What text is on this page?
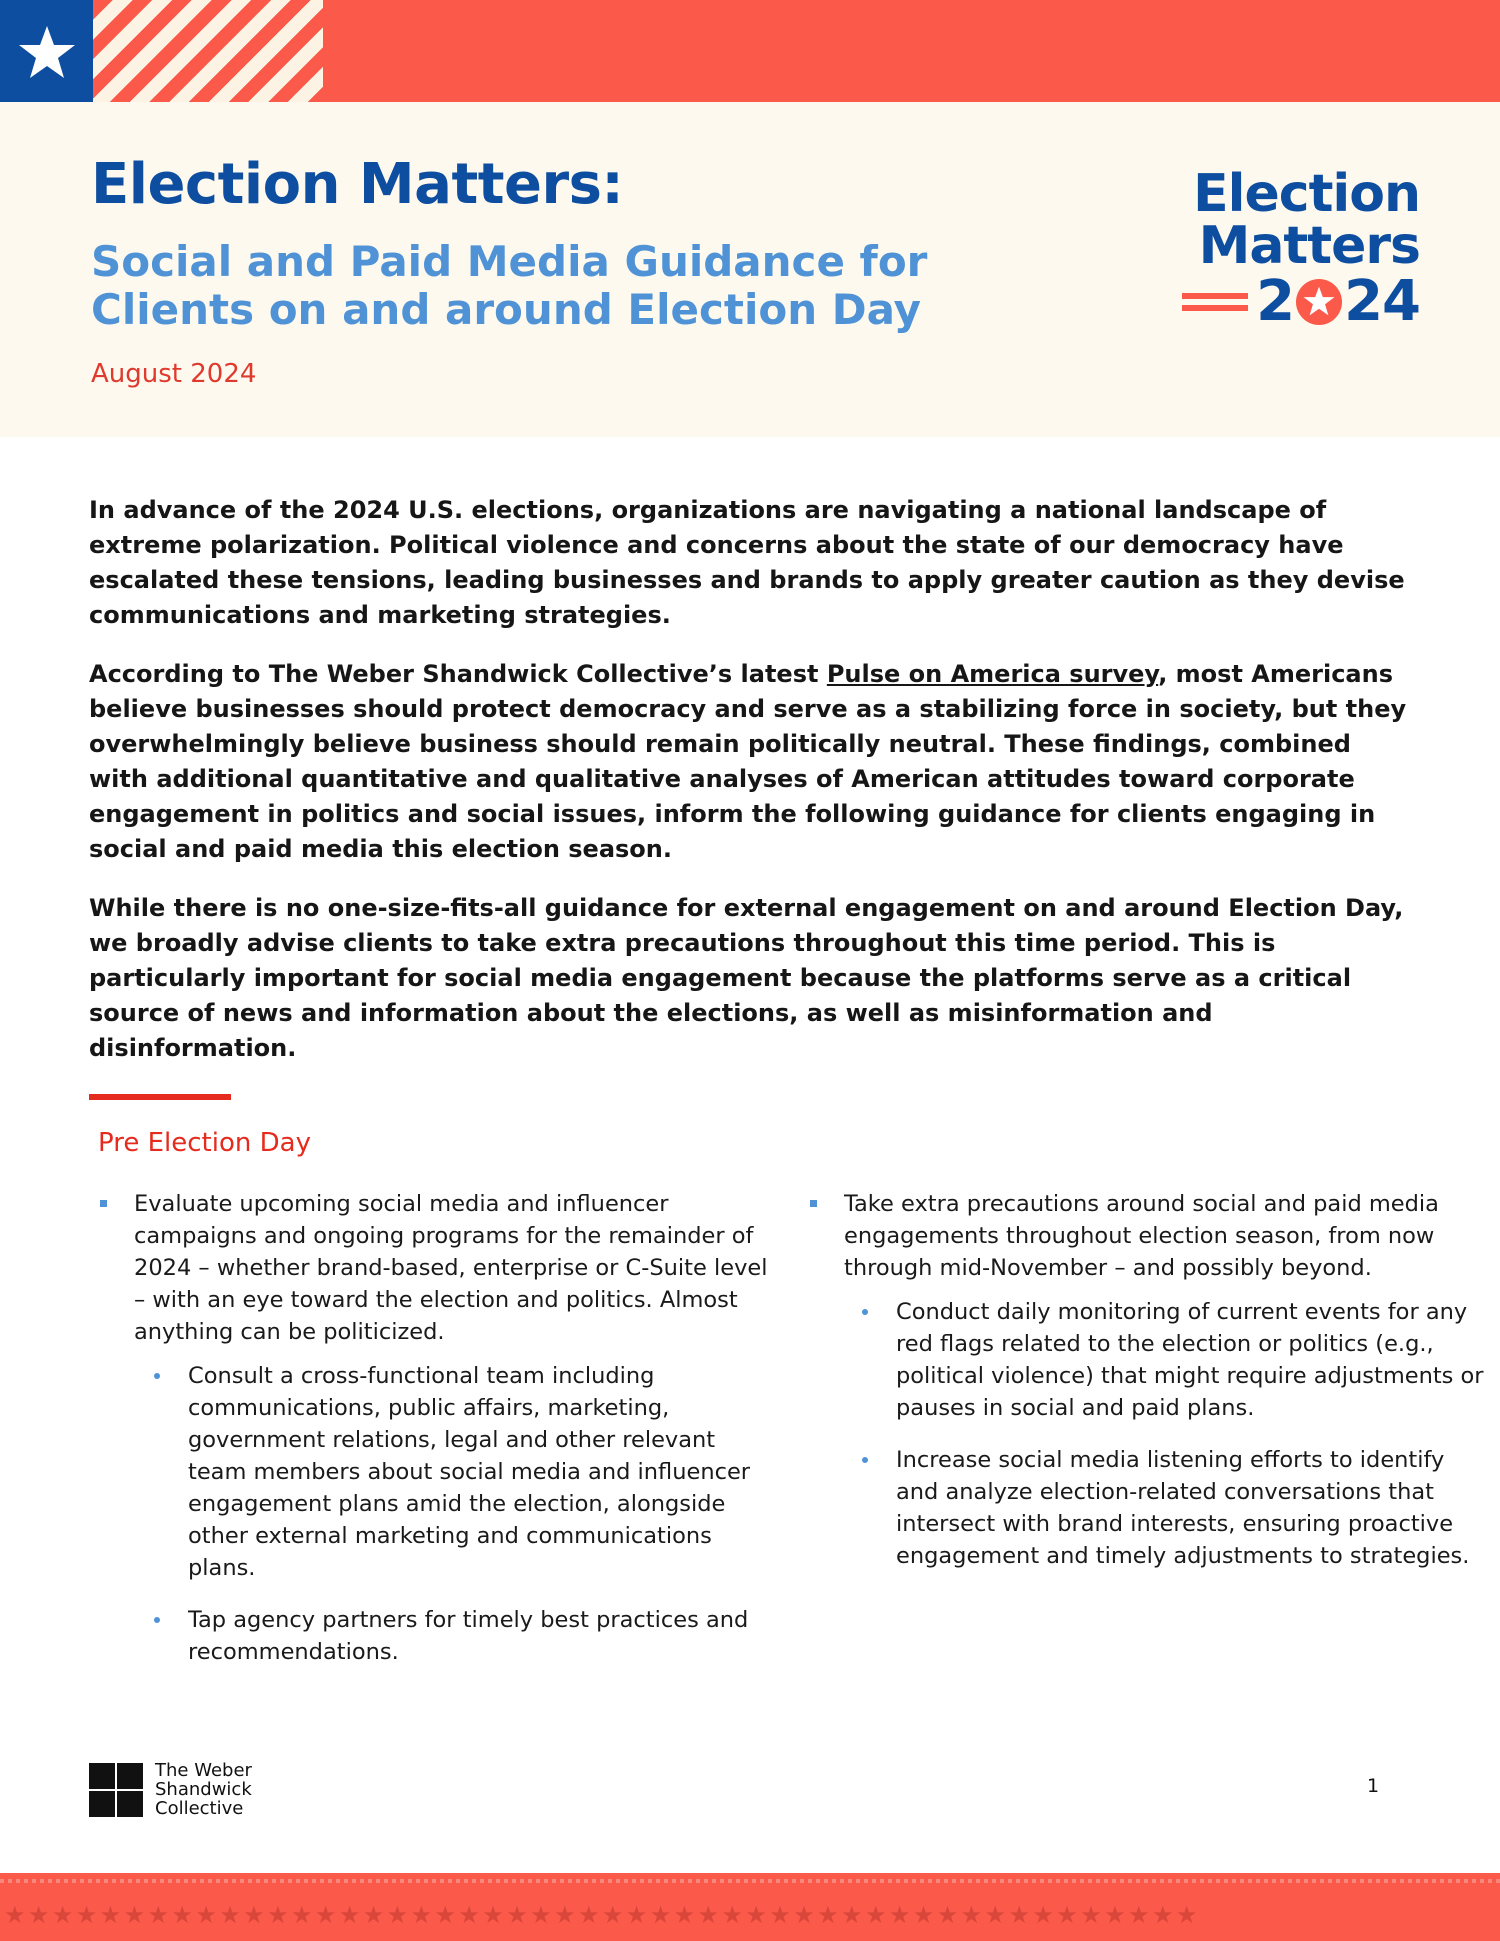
Election Matters:
Social and Paid Media Guidance for Clients on and around Election Day
August 2024
Election
Matters
2 24

In advance of the 2024 U.S. elections, organizations are navigating a national landscape of extreme polarization. Political violence and concerns about the state of our democracy have escalated these tensions, leading businesses and brands to apply greater caution as they devise communications and marketing strategies.

According to The Weber Shandwick Collective’s latest Pulse on America survey, most Americans believe businesses should protect democracy and serve as a stabilizing force in society, but they overwhelmingly believe business should remain politically neutral. These findings, combined with additional quantitative and qualitative analyses of American attitudes toward corporate engagement in politics and social issues, inform the following guidance for clients engaging in social and paid media this election season.

While there is no one-size-fits-all guidance for external engagement on and around Election Day, we broadly advise clients to take extra precautions throughout this time period. This is particularly important for social media engagement because the platforms serve as a critical source of news and information about the elections, as well as misinformation and disinformation.

Pre Election Day
Evaluate upcoming social media and influencer campaigns and ongoing programs for the remainder of 2024 – whether brand-based, enterprise or C-Suite level – with an eye toward the election and politics. Almost anything can be politicized.
Consult a cross-functional team including communications, public affairs, marketing, government relations, legal and other relevant team members about social media and influencer engagement plans amid the election, alongside other external marketing and communications plans.
Tap agency partners for timely best practices and recommendations.
Take extra precautions around social and paid media engagements throughout election season, from now through mid-November – and possibly beyond.
Conduct daily monitoring of current events for any red flags related to the election or politics (e.g., political violence) that might require adjustments or pauses in social and paid plans.
Increase social media listening efforts to identify and analyze election-related conversations that intersect with brand interests, ensuring proactive engagement and timely adjustments to strategies.
The Weber
Shandwick
Collective
1
★★★★★★★★★★★★★★★★★★★★★★★★★★★★★★★★★★★★★★★★★★★★★★★★★★
